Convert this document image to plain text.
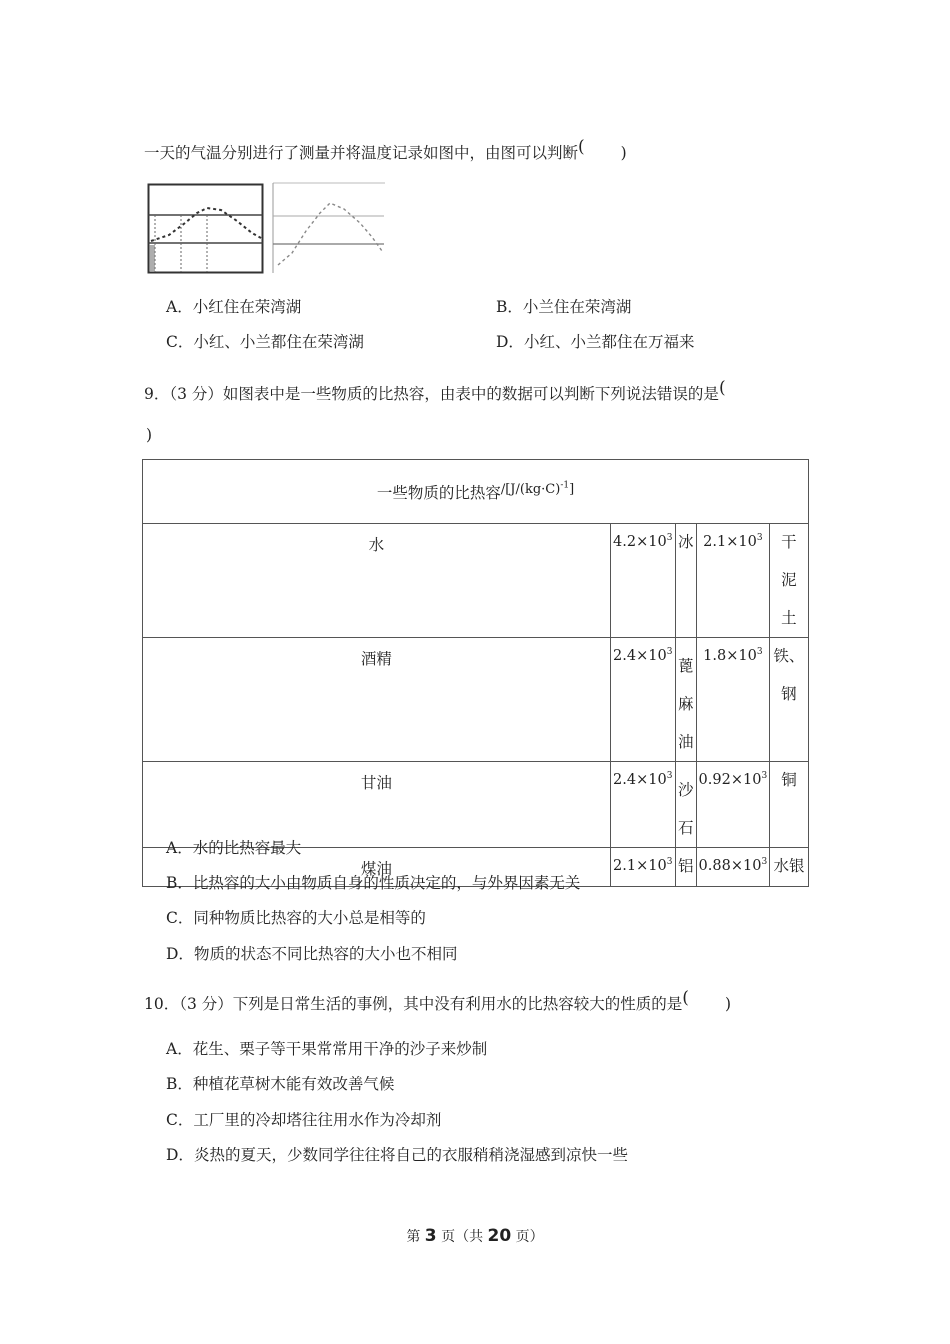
一天的气温分别进行了测量并将温度记录如图中，由图可以判断( )
A．小红住在荣湾湖	B．小兰住在荣湾湖
C．小红、小兰都住在荣湾湖	D．小红、小兰都住在万福来
9．（3 分）如图表中是一些物质的比热容，由表中的数据可以判断下列说法错误的是(
)
一些物质的比热容$^{/[J/(kg\cdot C)^{-1}]}$
水	$4.2\times 10^3$	冰	$2.1\times 10^3$	干泥土

酒精	$2.4\times 10^3$	蓖麻油	$1.8\times 10^3$	铁、钢

甘油	$2.4\times 10^3$	沙石	$0.92\times 10^3$	铜

煤油	$2.1\times 10^3$	铝	$0.88\times 10^3$	水银
A．水的比热容最大
B．比热容的大小由物质自身的性质决定的，与外界因素无关
C．同种物质比热容的大小总是相等的
D．物质的状态不同比热容的大小也不相同
10．（3 分）下列是日常生活的事例，其中没有利用水的比热容较大的性质的是( )
A．花生、栗子等干果常常用干净的沙子来炒制
B．种植花草树木能有效改善气候
C．工厂里的冷却塔往往用水作为冷却剂
D．炎热的夏天，少数同学往往将自己的衣服稍稍浇湿感到凉快一些
第 3 页（共 20 页）
